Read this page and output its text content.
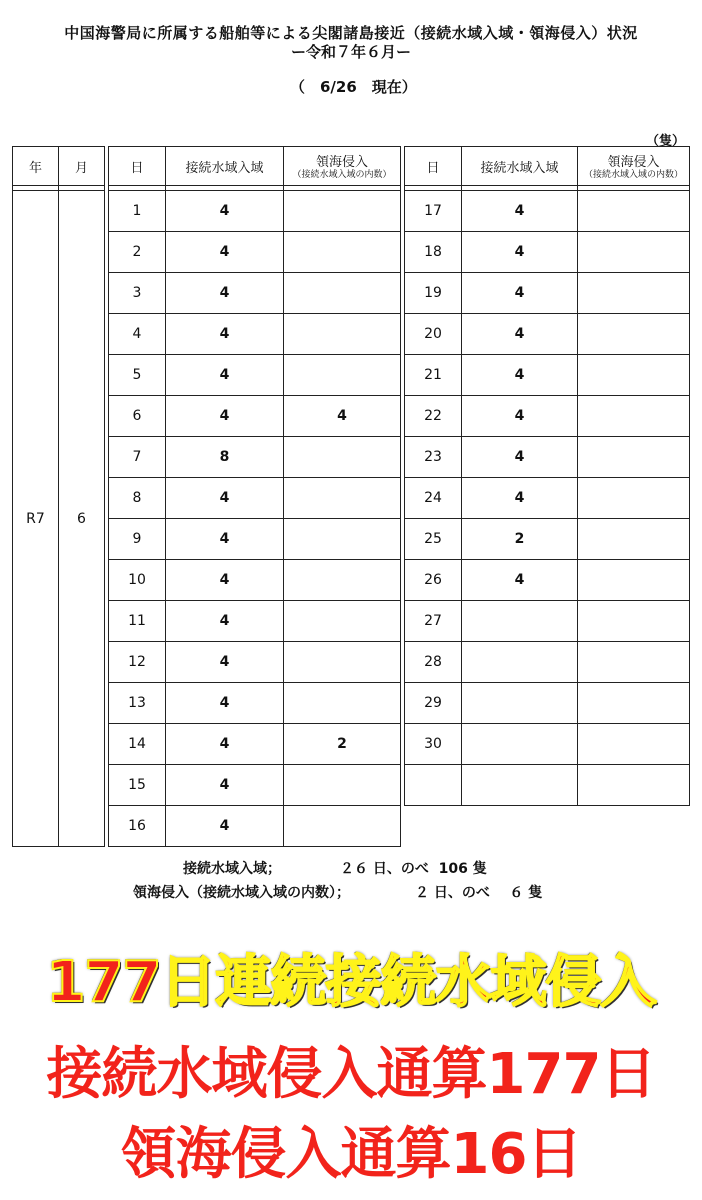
中国海警局に所属する船舶等による尖閣諸島接近（接続水域入域・領海侵入）状況
ー令和７年６月ー
（　6/26　現在）
（隻）
年	月		日	接続水域入域	領海侵入
（接続水域入域の内数）		日	接続水域入域	領海侵入
（接続水域入域の内数）

R7	6		1	4			17	4	
			2	4			18	4	
			3	4			19	4	
			4	4			20	4	
			5	4			21	4	
			6	4	4		22	4	
			7	8			23	4	
			8	4			24	4	
			9	4			25	2	
			10	4			26	4	
			11	4			27		
			12	4			28		
			13	4			29		
			14	4	2		30		
			15	4					
			16	4					
接続水域入域；	２６ 日、のべ  106 隻
領海侵入（接続水域入域の内数）；	２ 日、のべ    ６ 隻
177日連続接続水域侵入
接続水域侵入通算177日
領海侵入通算16日
